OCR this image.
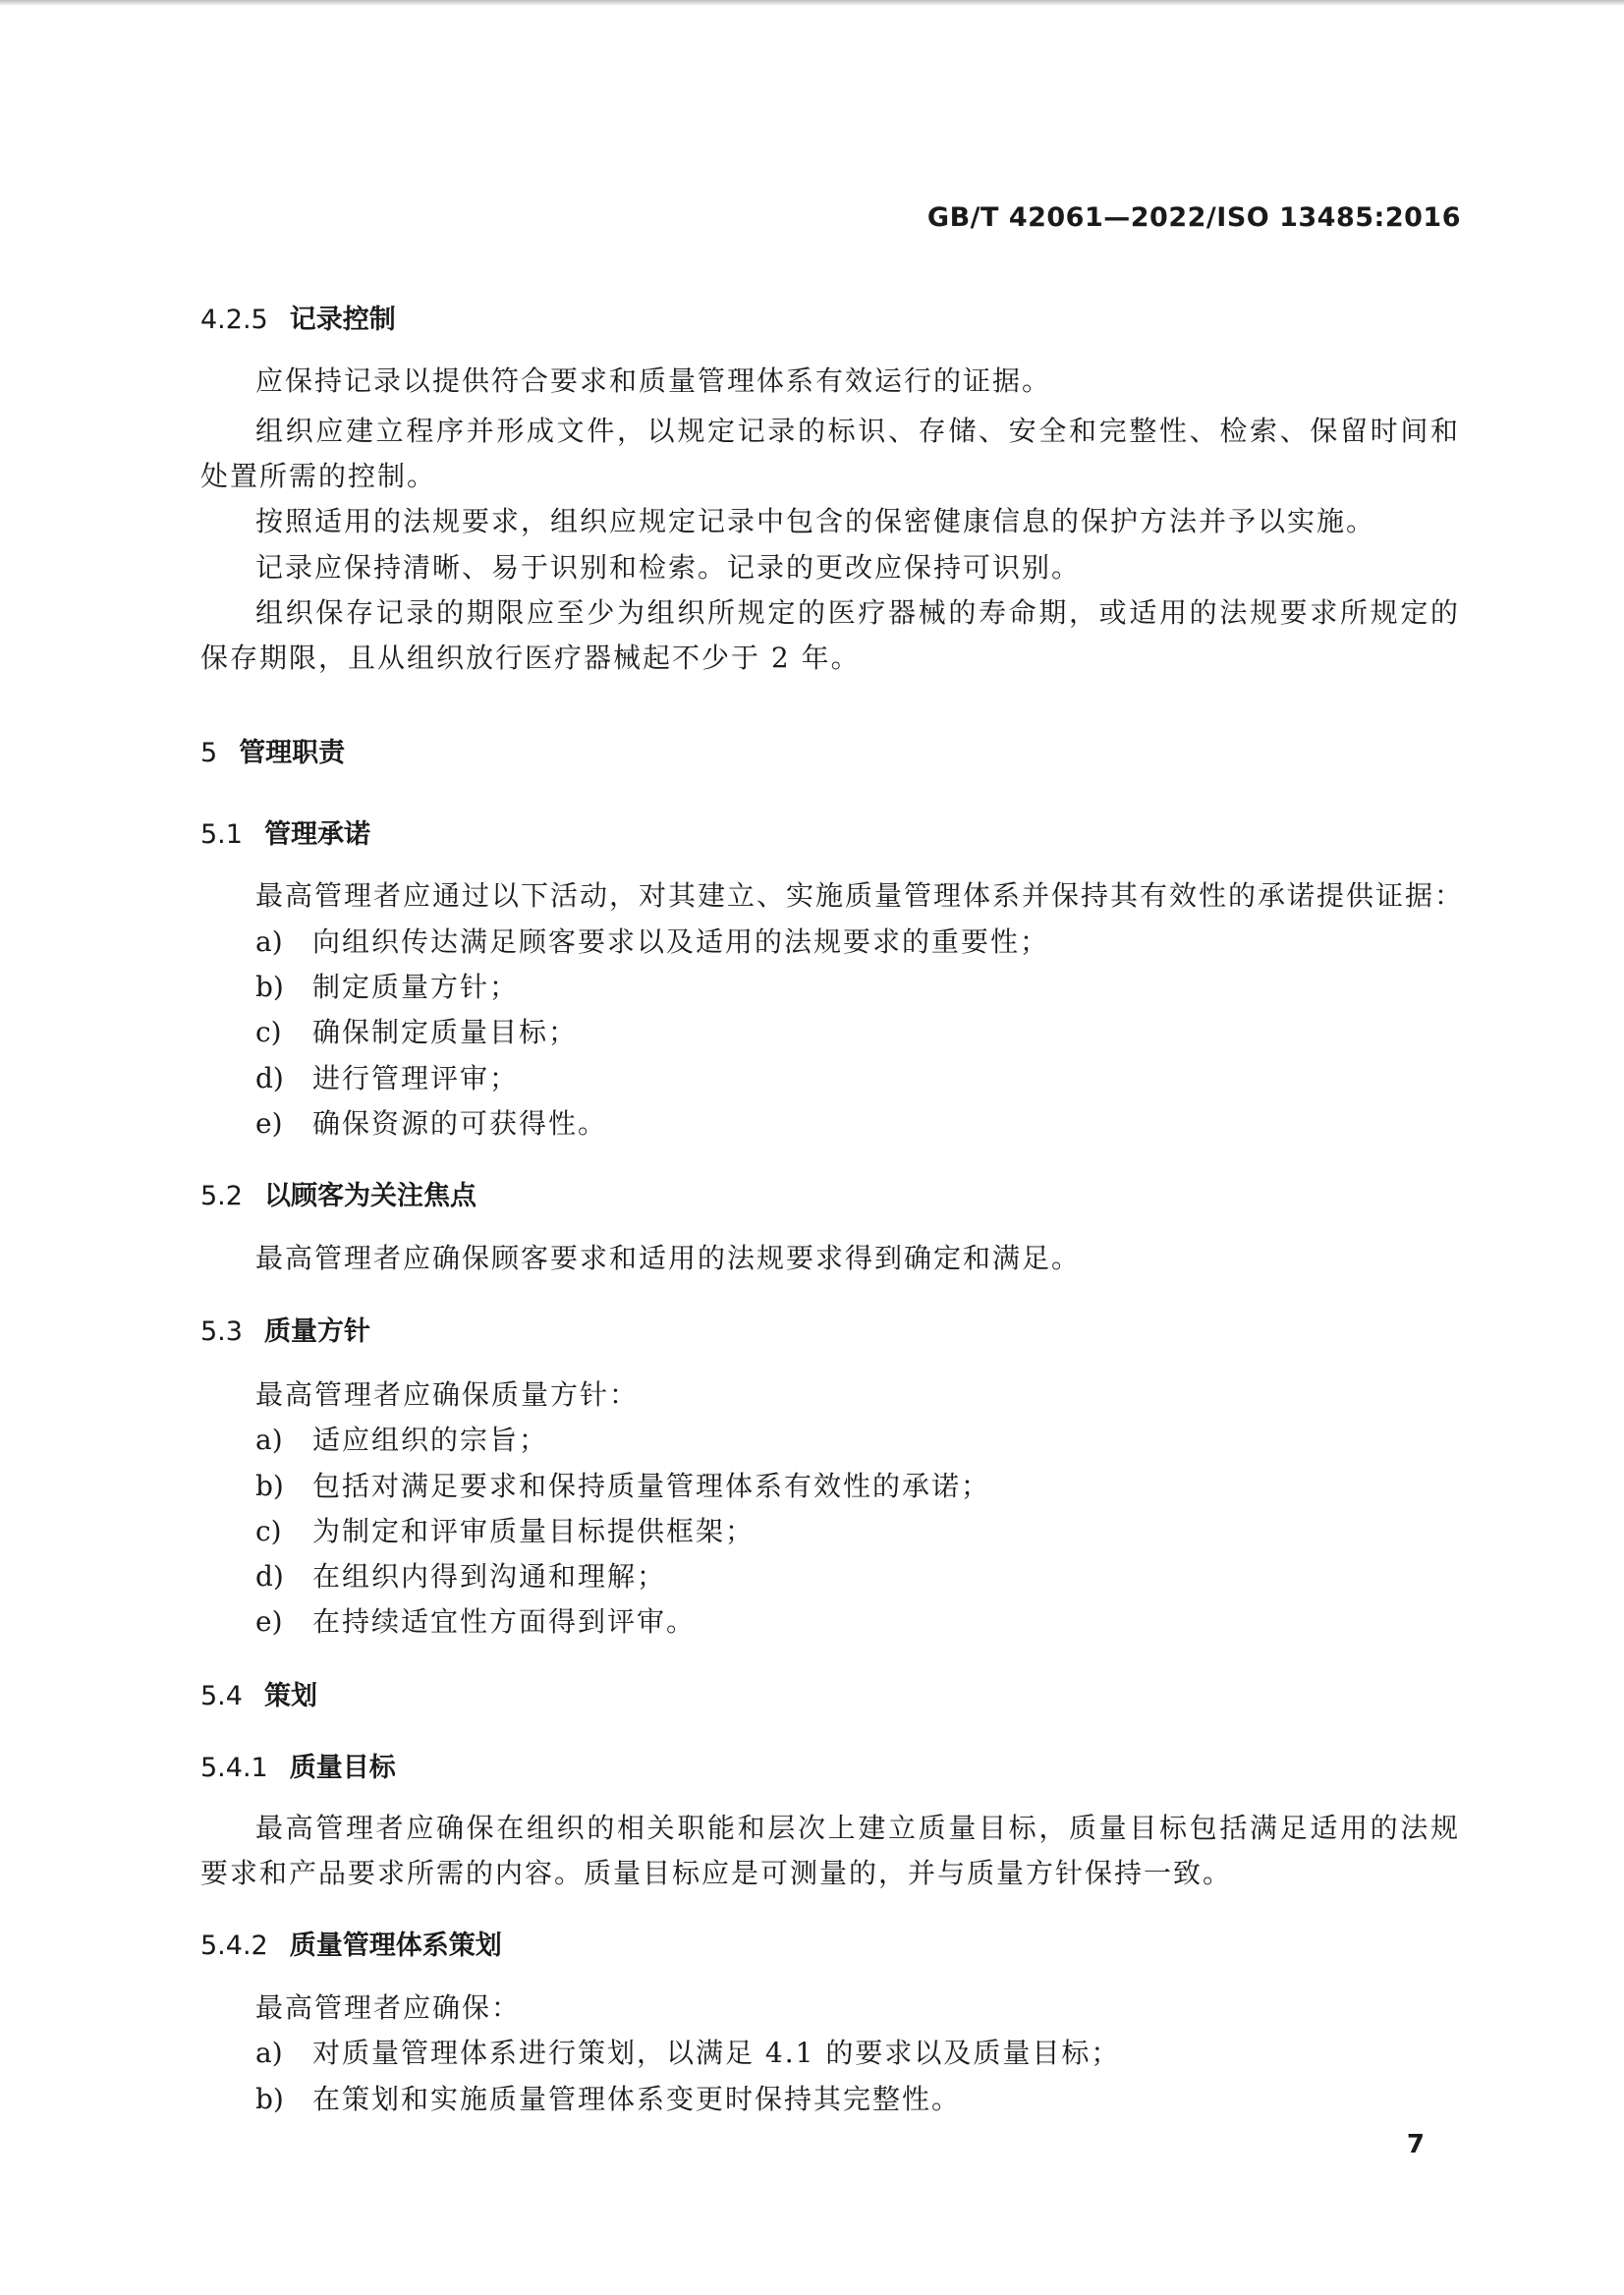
GB/T 42061—2022/ISO 13485:2016
4.2.5 记录控制
应保持记录以提供符合要求和质量管理体系有效运行的证据。
组织应建立程序并形成文件，以规定记录的标识、存储、安全和完整性、检索、保留时间和处置所需的控制。
按照适用的法规要求，组织应规定记录中包含的保密健康信息的保护方法并予以实施。
记录应保持清晰、易于识别和检索。记录的更改应保持可识别。
组织保存记录的期限应至少为组织所规定的医疗器械的寿命期，或适用的法规要求所规定的保存期限，且从组织放行医疗器械起不少于 2 年。
5 管理职责
5.1 管理承诺
最高管理者应通过以下活动，对其建立、实施质量管理体系并保持其有效性的承诺提供证据：
a) 向组织传达满足顾客要求以及适用的法规要求的重要性；
b) 制定质量方针；
c) 确保制定质量目标；
d) 进行管理评审；
e) 确保资源的可获得性。
5.2 以顾客为关注焦点
最高管理者应确保顾客要求和适用的法规要求得到确定和满足。
5.3 质量方针
最高管理者应确保质量方针：
a) 适应组织的宗旨；
b) 包括对满足要求和保持质量管理体系有效性的承诺；
c) 为制定和评审质量目标提供框架；
d) 在组织内得到沟通和理解；
e) 在持续适宜性方面得到评审。
5.4 策划
5.4.1 质量目标
最高管理者应确保在组织的相关职能和层次上建立质量目标，质量目标包括满足适用的法规要求和产品要求所需的内容。质量目标应是可测量的，并与质量方针保持一致。
5.4.2 质量管理体系策划
最高管理者应确保：
a) 对质量管理体系进行策划，以满足 4.1 的要求以及质量目标；
b) 在策划和实施质量管理体系变更时保持其完整性。
7
